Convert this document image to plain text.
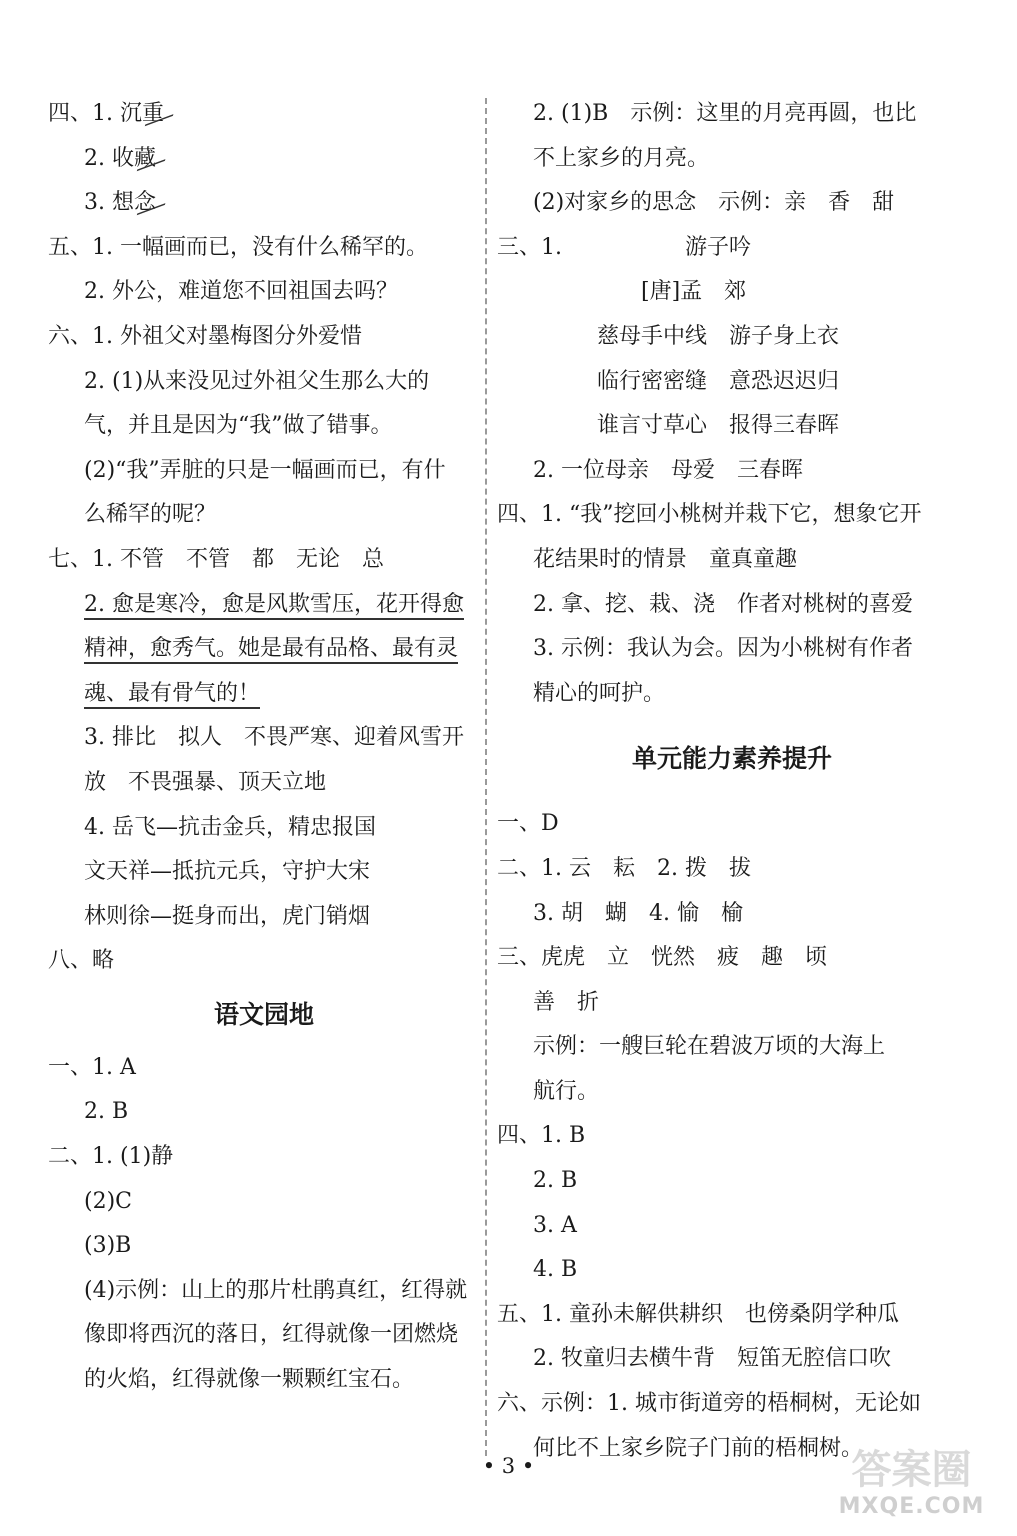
四、1. 沉重
2. 收藏
3. 想念
五、1. 一幅画而已，没有什么稀罕的。
2. 外公，难道您不回祖国去吗？
六、1. 外祖父对墨梅图分外爱惜
2. (1)从来没见过外祖父生那么大的
气，并且是因为“我”做了错事。
(2)“我”弄脏的只是一幅画而已，有什
么稀罕的呢？
七、1. 不管　不管　都　无论　总
2. 愈是寒冷，愈是风欺雪压，花开得愈
精神，愈秀气。她是最有品格、最有灵
魂、最有骨气的！
3. 排比　拟人　不畏严寒、迎着风雪开
放　不畏强暴、顶天立地
4. 岳飞—抗击金兵，精忠报国
文天祥—抵抗元兵，守护大宋
林则徐—挺身而出，虎门销烟
八、略
语文园地
一、1. A
2. B
二、1. (1)静
(2)C
(3)B
(4)示例：山上的那片杜鹃真红，红得就
像即将西沉的落日，红得就像一团燃烧
的火焰，红得就像一颗颗红宝石。
2. (1)B　示例：这里的月亮再圆，也比
不上家乡的月亮。
(2)对家乡的思念　示例：亲　香　甜
三、1.	游子吟
[唐]孟　郊
慈母手中线　游子身上衣
临行密密缝　意恐迟迟归
谁言寸草心　报得三春晖
2. 一位母亲　母爱　三春晖
四、1. “我”挖回小桃树并栽下它，想象它开
花结果时的情景　童真童趣
2. 拿、挖、栽、浇　作者对桃树的喜爱
3. 示例：我认为会。因为小桃树有作者
精心的呵护。
单元能力素养提升
一、D
二、1. 云　耘　2. 拨　拔
3. 胡　蝴　4. 愉　榆
三、虎虎　立　恍然　疲　趣　顷
善　折
示例：一艘巨轮在碧波万顷的大海上
航行。
四、1. B
2. B
3. A
4. B
五、1. 童孙未解供耕织　也傍桑阴学种瓜
2. 牧童归去横牛背　短笛无腔信口吹
六、示例：1. 城市街道旁的梧桐树，无论如
何比不上家乡院子门前的梧桐树。
• 3 •	答案圈
MXQE.COM
